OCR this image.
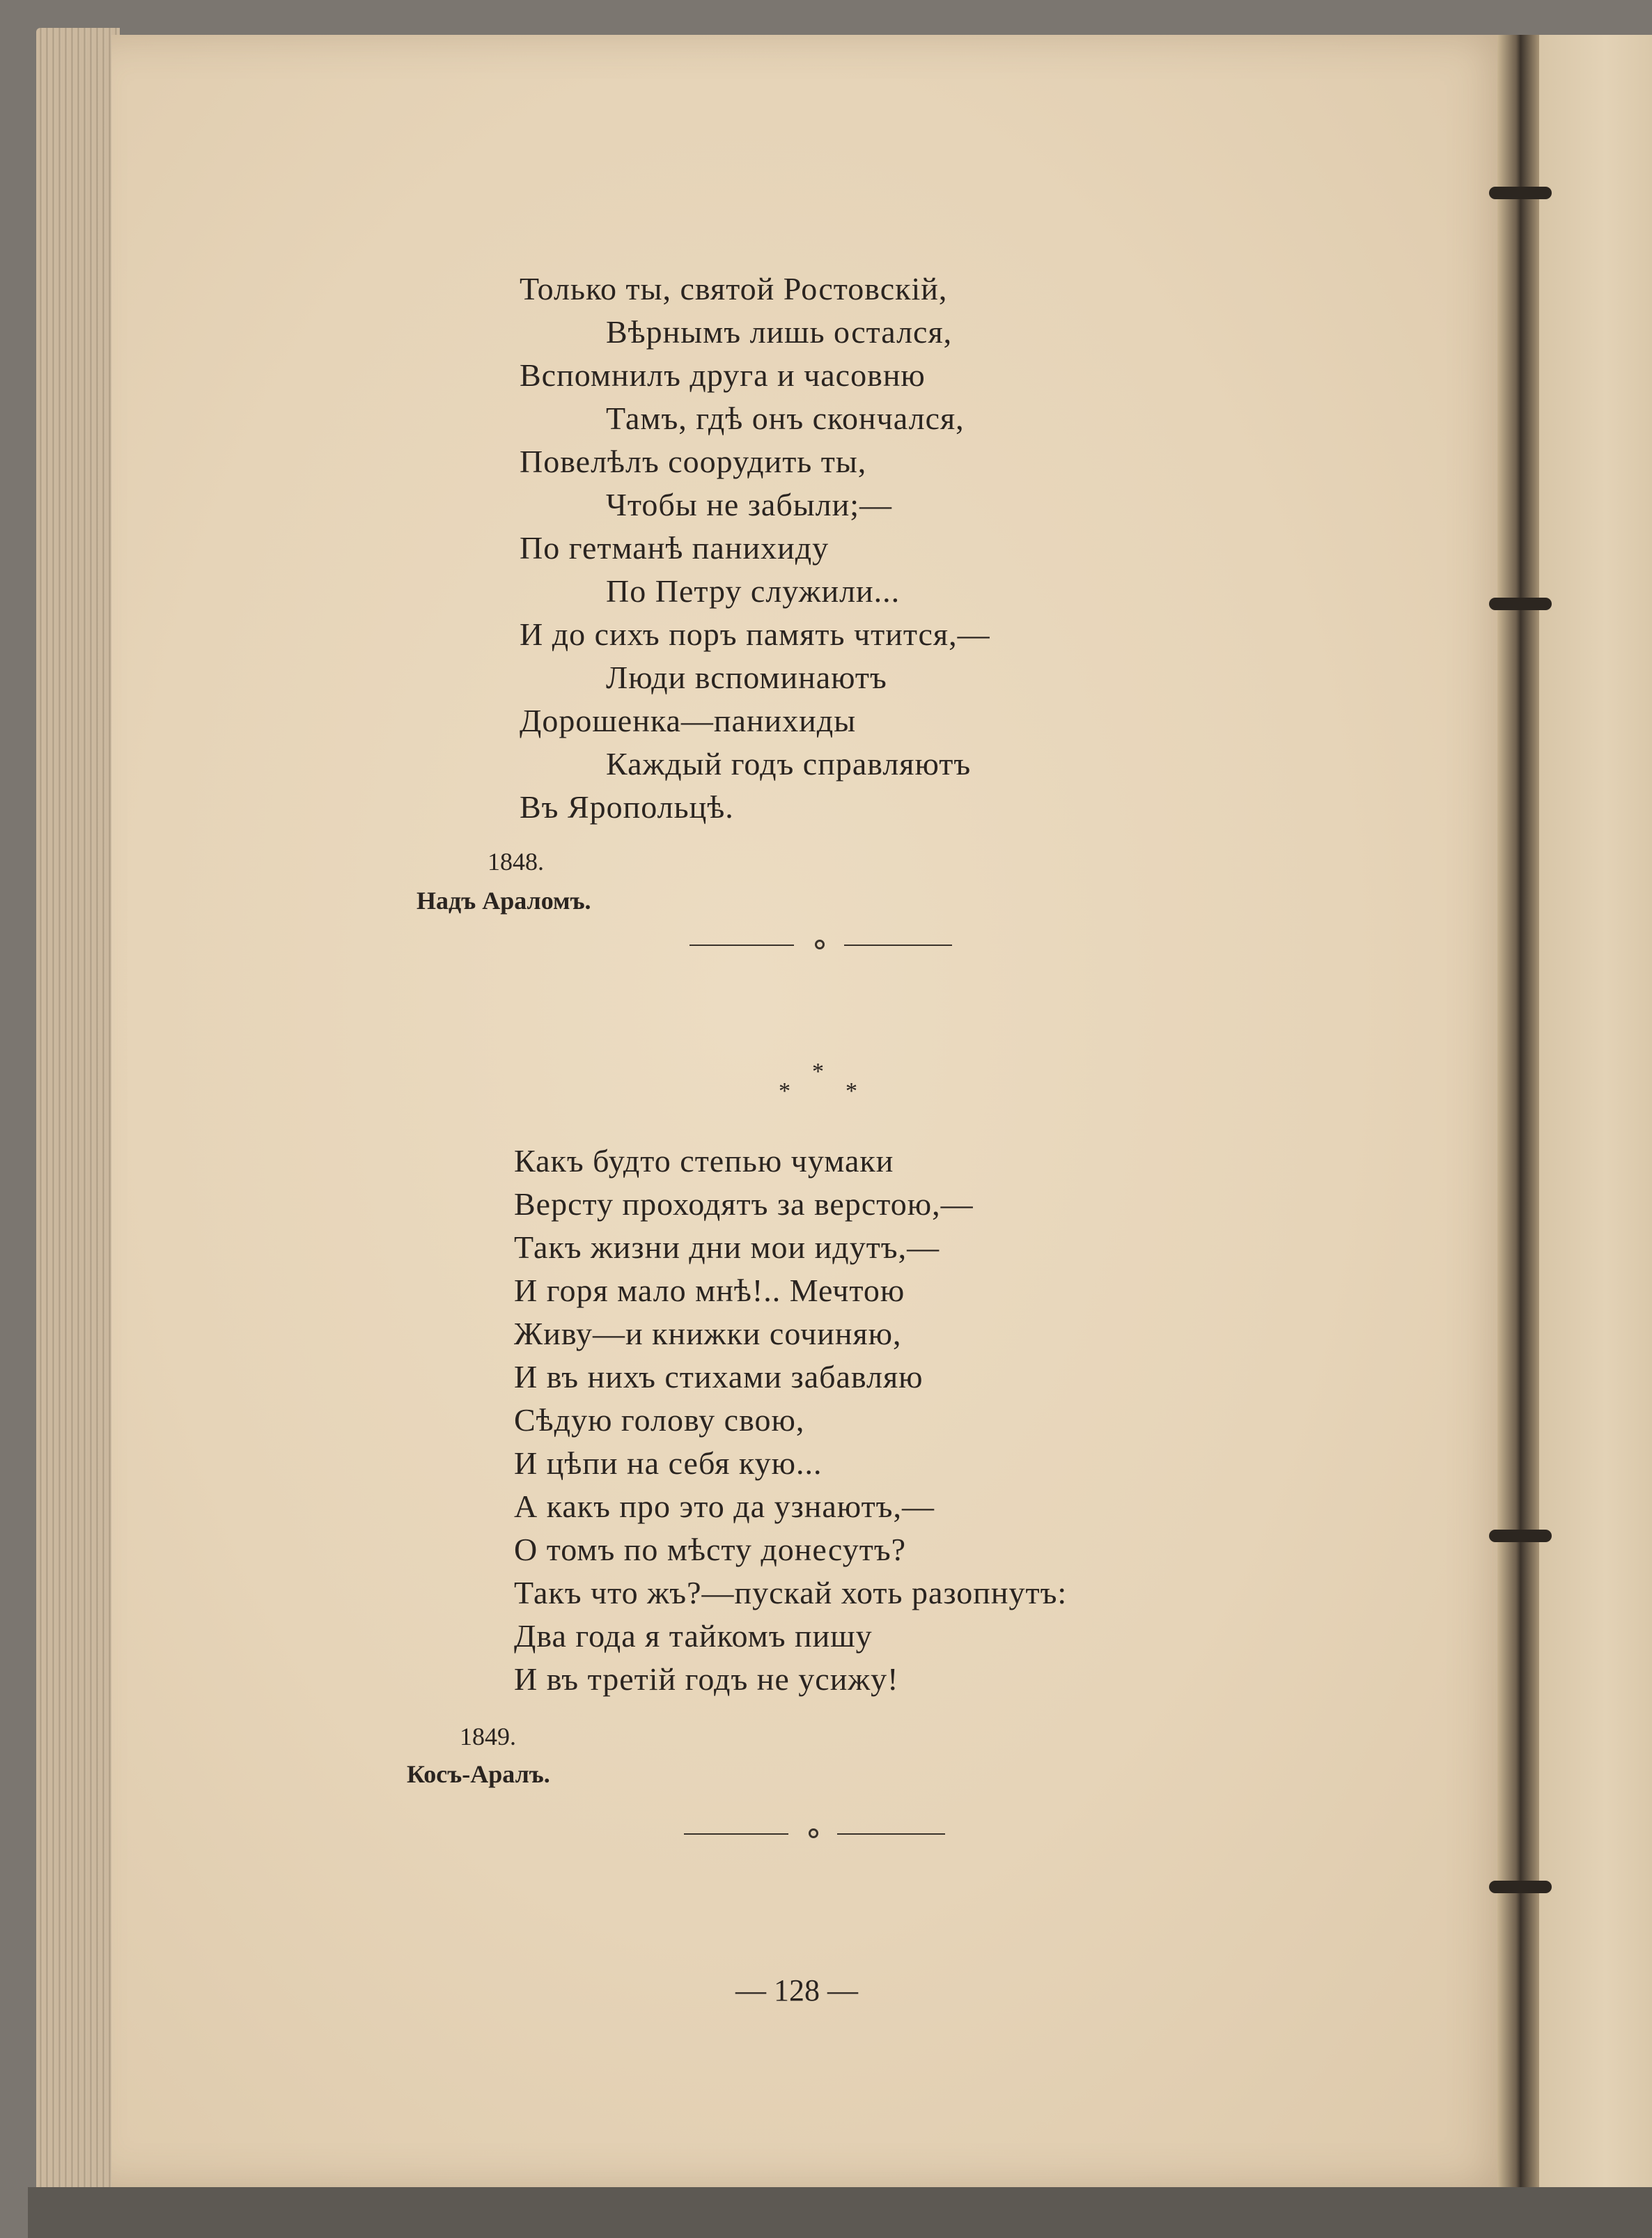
Только ты, святой Ростовскій,
Вѣрнымъ лишь остался,
Вспомнилъ друга и часовню
Тамъ, гдѣ онъ скончался,
Повелѣлъ соорудить ты,
Чтобы не забыли;—
По гетманѣ панихиду
По Петру служили...
И до сихъ поръ память чтится,—
Люди вспоминаютъ
Дорошенка—панихиды
Каждый годъ справляютъ
Въ Яропольцѣ.
1848.
Надъ Араломъ.
*
* *
Какъ будто степью чумаки
Версту проходятъ за верстою,—
Такъ жизни дни мои идутъ,—
И горя мало мнѣ!.. Мечтою
Живу—и книжки сочиняю,
И въ нихъ стихами забавляю
Сѣдую голову свою,
И цѣпи на себя кую...
А какъ про это да узнаютъ,—
О томъ по мѣсту донесутъ?
Такъ что жъ?—пускай хоть разопнутъ:
Два года я тайкомъ пишу
И въ третій годъ не усижу!
1849.
Косъ-Аралъ.
— 128 —
